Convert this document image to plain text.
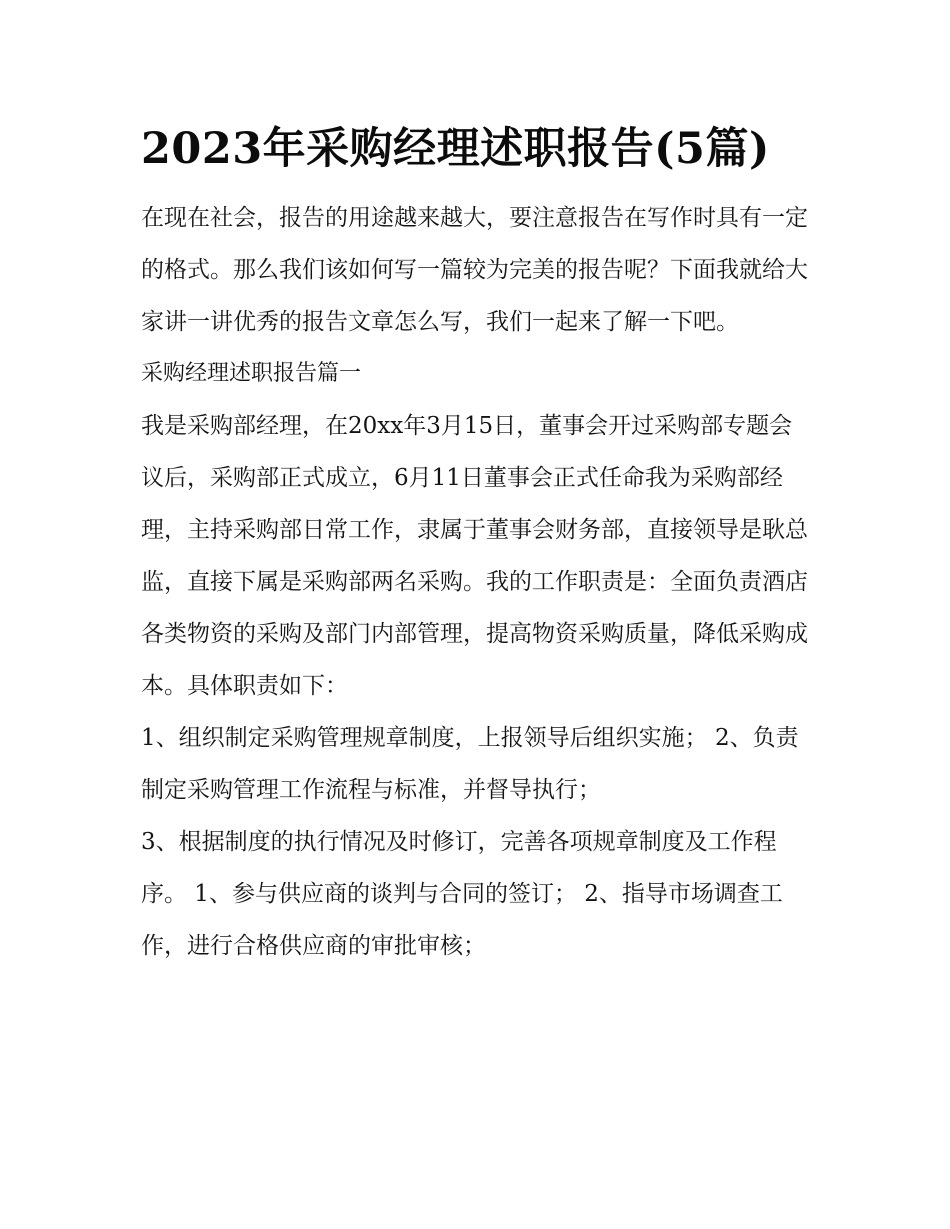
2023年采购经理述职报告(5篇)

在现在社会，报告的用途越来越大，要注意报告在写作时具有一定的格式。那么我们该如何写一篇较为完美的报告呢？下面我就给大家讲一讲优秀的报告文章怎么写，我们一起来了解一下吧。

采购经理述职报告篇一

我是采购部经理，在20xx年3月15日，董事会开过采购部专题会议后，采购部正式成立，6月11日董事会正式任命我为采购部经理，主持采购部日常工作，隶属于董事会财务部，直接领导是耿总监，直接下属是采购部两名采购。我的工作职责是：全面负责酒店各类物资的采购及部门内部管理，提高物资采购质量，降低采购成本。具体职责如下：

1、组织制定采购管理规章制度，上报领导后组织实施； 2、负责制定采购管理工作流程与标准，并督导执行；

3、根据制度的执行情况及时修订，完善各项规章制度及工作程序。 1、参与供应商的谈判与合同的签订； 2、指导市场调查工作，进行合格供应商的审批审核；
